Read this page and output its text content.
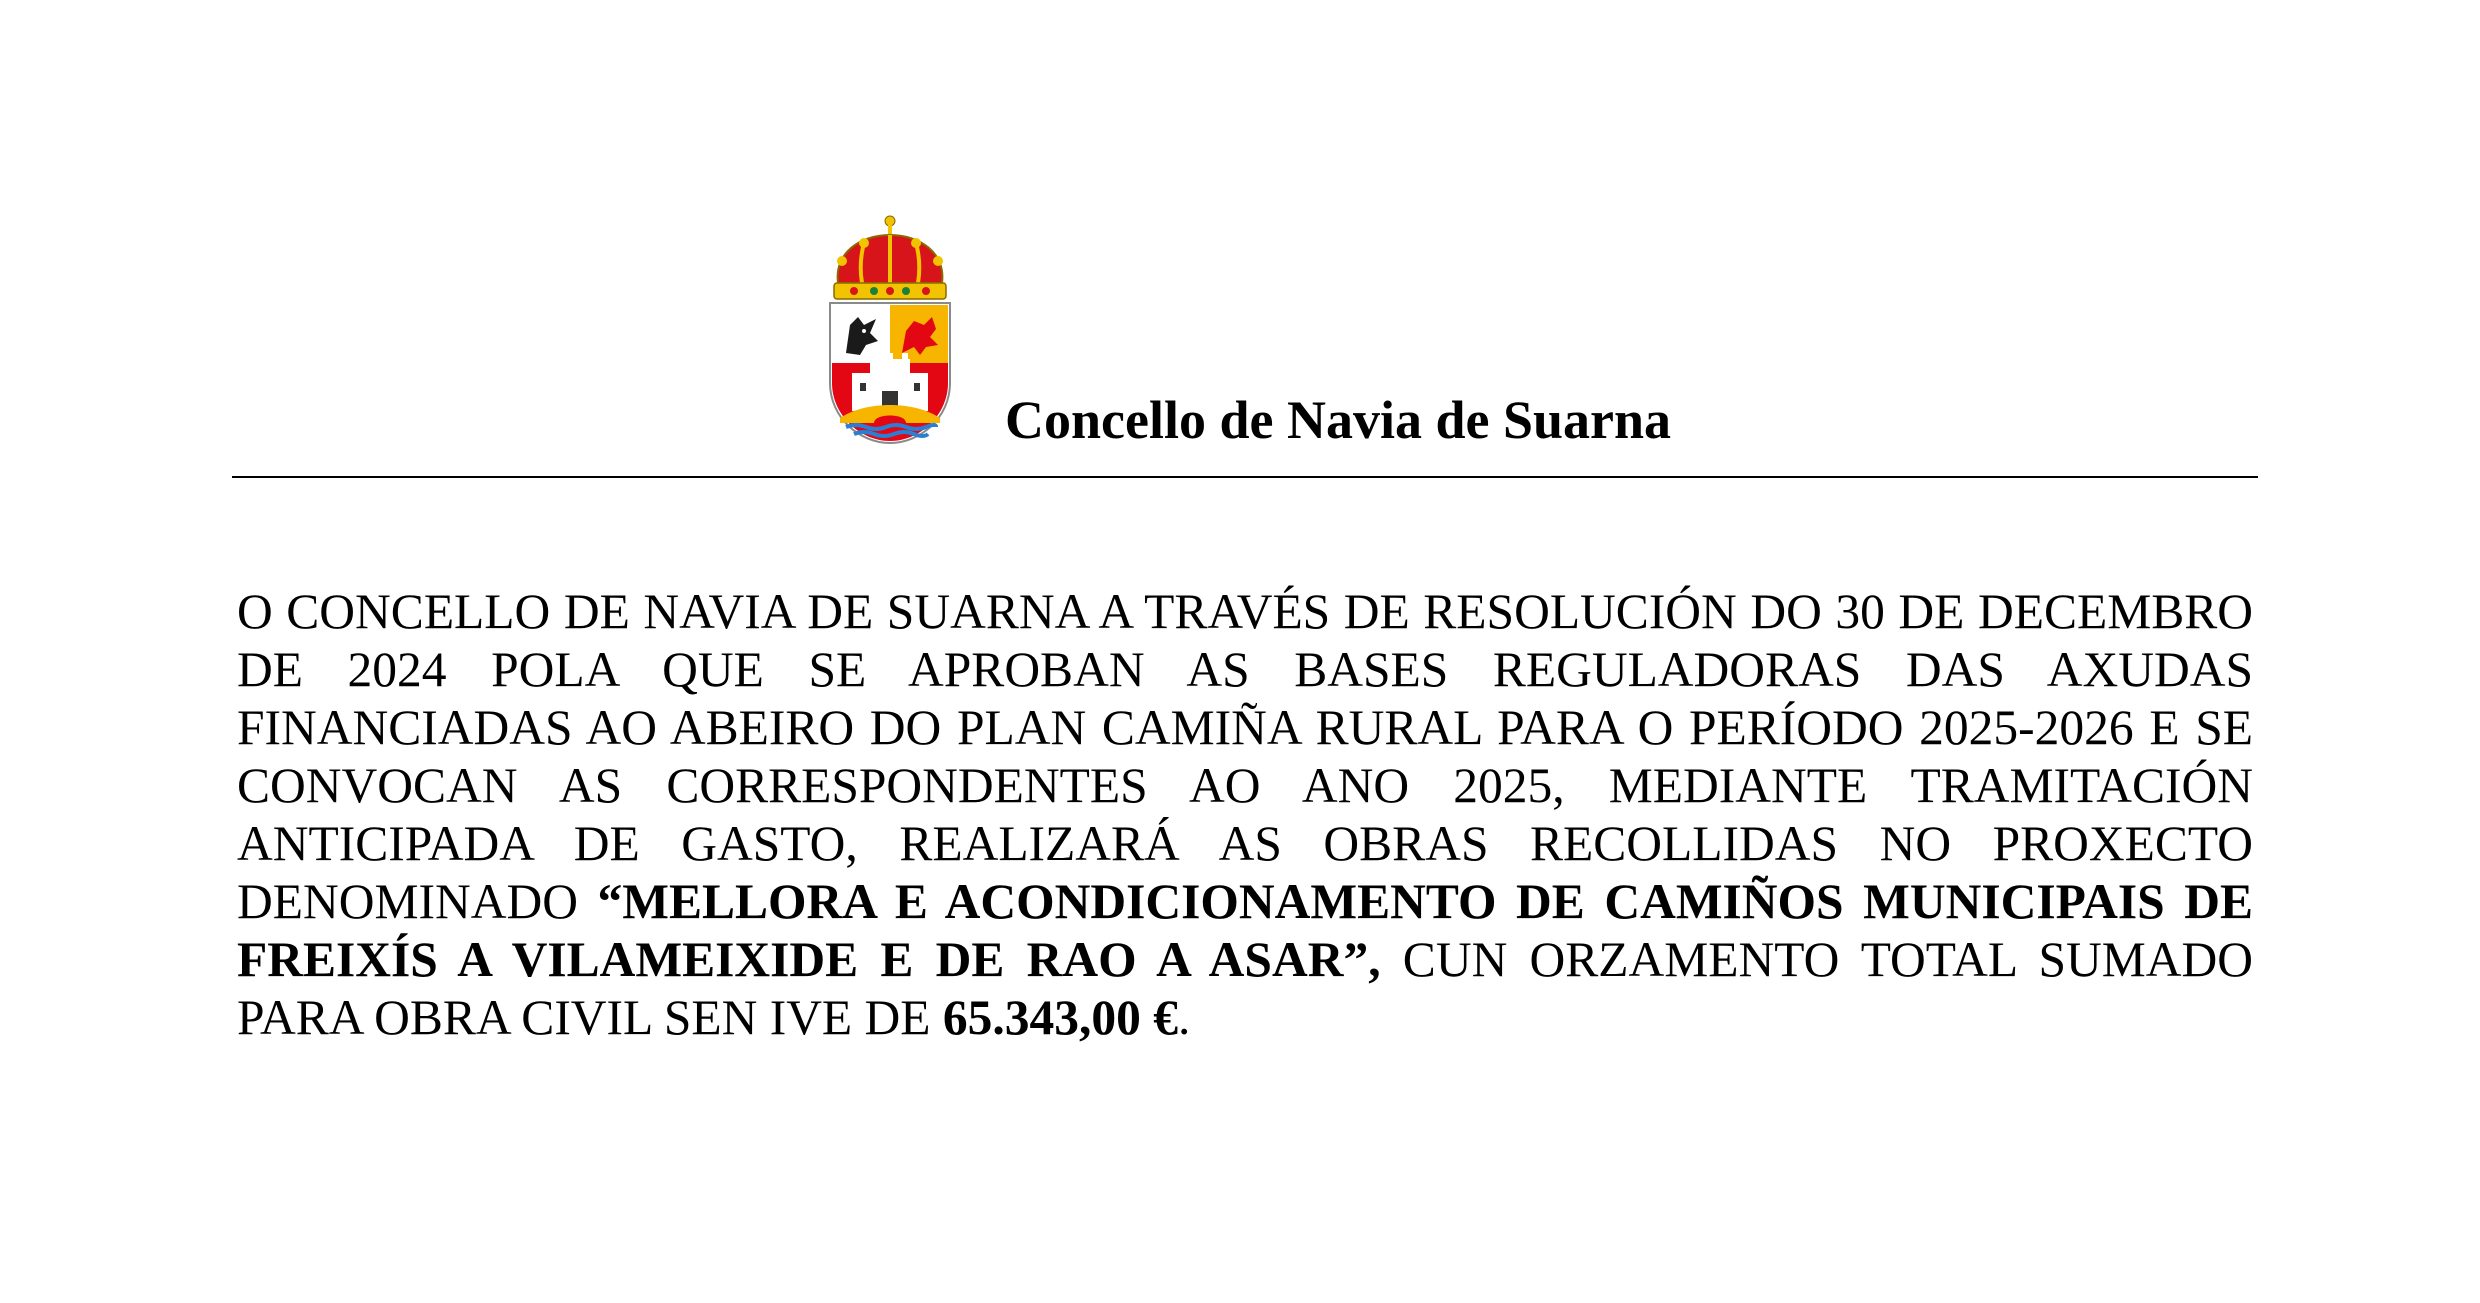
Concello de Navia de Suarna

O CONCELLO DE NAVIA DE SUARNA A TRAVÉS DE RESOLUCIÓN DO 30 DE DECEMBRO DE 2024 POLA QUE SE APROBAN AS BASES REGULADORAS DAS AXUDAS FINANCIADAS AO ABEIRO DO PLAN CAMIÑA RURAL PARA O PERÍODO 2025-2026 E SE CONVOCAN AS CORRESPONDENTES AO ANO 2025, MEDIANTE TRAMITACIÓN ANTICIPADA DE GASTO, REALIZARÁ AS OBRAS RECOLLIDAS NO PROXECTO DENOMINADO “MELLORA E ACONDICIONAMENTO DE CAMIÑOS MUNICIPAIS DE FREIXÍS A VILAMEIXIDE E DE RAO A ASAR”, CUN ORZAMENTO TOTAL SUMADO PARA OBRA CIVIL SEN IVE DE 65.343,00 €.
